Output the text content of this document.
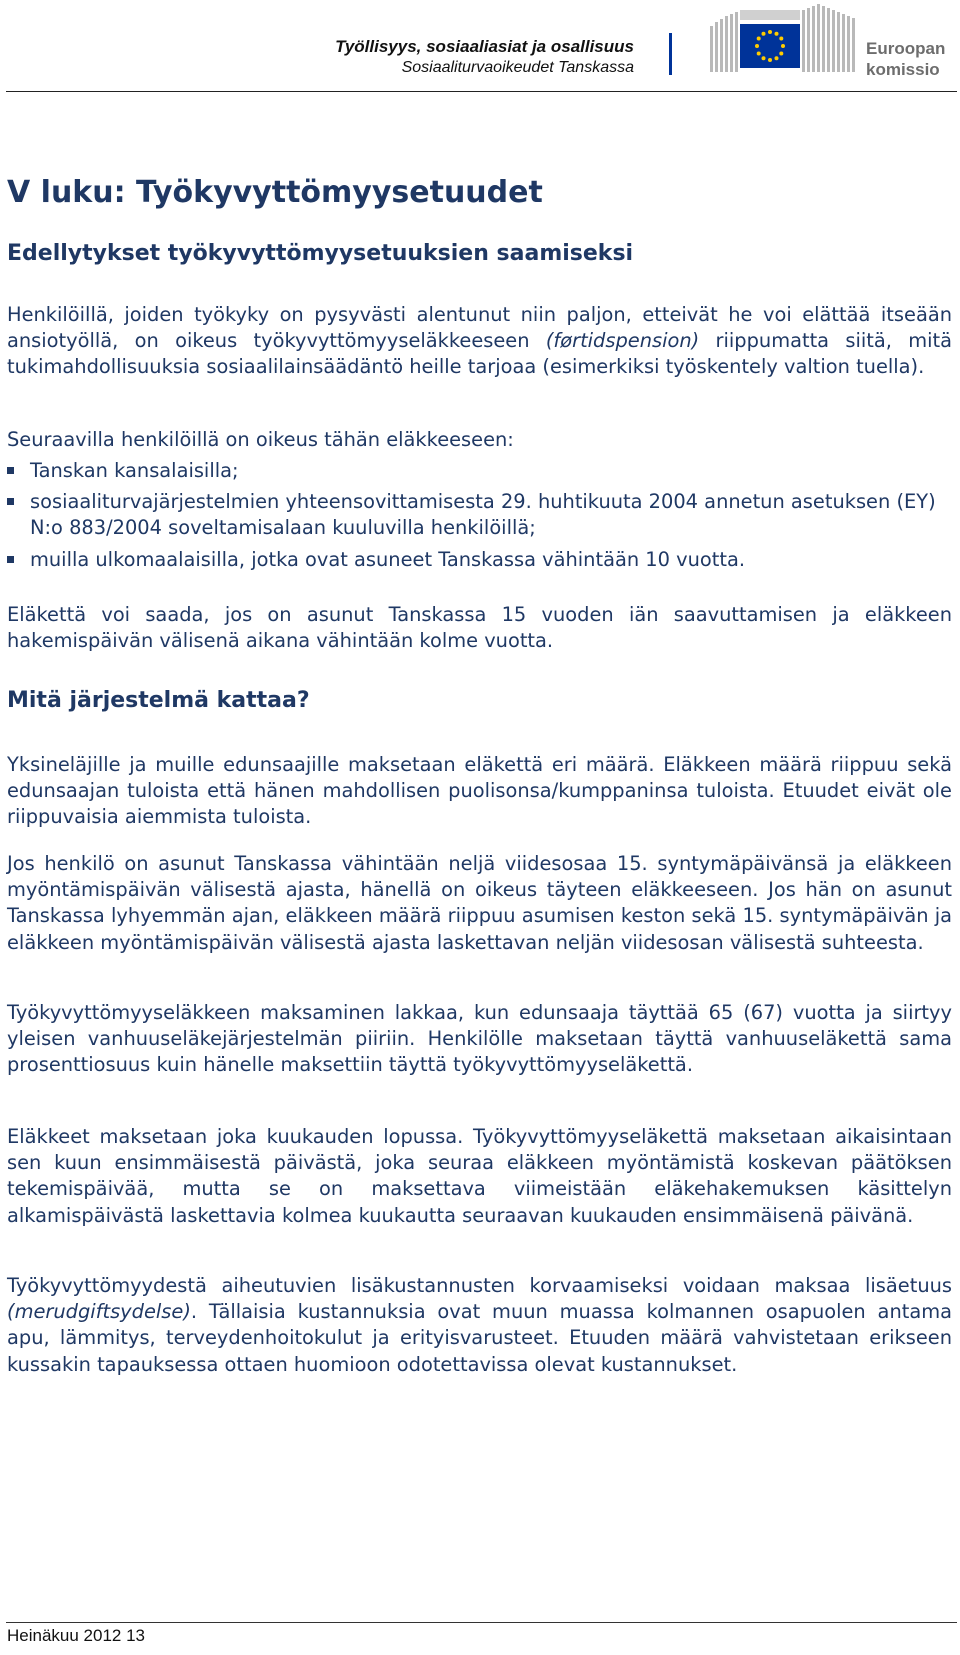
Työllisyys, sosiaaliasiat ja osallisuus
Sosiaaliturvaoikeudet Tanskassa
Euroopan
komissio
V luku: Työkyvyttömyysetuudet
Edellytykset työkyvyttömyysetuuksien saamiseksi

Henkilöillä, joiden työkyky on pysyvästi alentunut niin paljon, etteivät he voi elättää itseään ansiotyöllä, on oikeus työkyvyttömyyseläkkeeseen (førtidspension) riippumatta siitä, mitä tukimahdollisuuksia sosiaalilainsäädäntö heille tarjoaa (esimerkiksi työskentely valtion tuella).

Seuraavilla henkilöillä on oikeus tähän eläkkeeseen:

Tanskan kansalaisilla;
sosiaaliturvajärjestelmien yhteensovittamisesta 29. huhtikuuta 2004 annetun asetuksen (EY) N:o 883/2004 soveltamisalaan kuuluvilla henkilöillä;
muilla ulkomaalaisilla, jotka ovat asuneet Tanskassa vähintään 10 vuotta.

Eläkettä voi saada, jos on asunut Tanskassa 15 vuoden iän saavuttamisen ja eläkkeen hakemispäivän välisenä aikana vähintään kolme vuotta.

Mitä järjestelmä kattaa?

Yksineläjille ja muille edunsaajille maksetaan eläkettä eri määrä. Eläkkeen määrä riippuu sekä edunsaajan tuloista että hänen mahdollisen puolisonsa/kumppaninsa tuloista. Etuudet eivät ole riippuvaisia aiemmista tuloista.

Jos henkilö on asunut Tanskassa vähintään neljä viidesosaa 15. syntymäpäivänsä ja eläkkeen myöntämispäivän välisestä ajasta, hänellä on oikeus täyteen eläkkeeseen. Jos hän on asunut Tanskassa lyhyemmän ajan, eläkkeen määrä riippuu asumisen keston sekä 15. syntymäpäivän ja eläkkeen myöntämispäivän välisestä ajasta laskettavan neljän viidesosan välisestä suhteesta.

Työkyvyttömyyseläkkeen maksaminen lakkaa, kun edunsaaja täyttää 65 (67) vuotta ja siirtyy yleisen vanhuuseläkejärjestelmän piiriin. Henkilölle maksetaan täyttä vanhuuseläkettä sama prosenttiosuus kuin hänelle maksettiin täyttä työkyvyttömyyseläkettä.

Eläkkeet maksetaan joka kuukauden lopussa. Työkyvyttömyyseläkettä maksetaan aikaisintaan sen kuun ensimmäisestä päivästä, joka seuraa eläkkeen myöntämistä koskevan päätöksen tekemispäivää, mutta se on maksettava viimeistään eläkehakemuksen käsittelyn alkamispäivästä laskettavia kolmea kuukautta seuraavan kuukauden ensimmäisenä päivänä.

Työkyvyttömyydestä aiheutuvien lisäkustannusten korvaamiseksi voidaan maksaa lisäetuus (merudgiftsydelse). Tällaisia kustannuksia ovat muun muassa kolmannen osapuolen antama apu, lämmitys, terveydenhoitokulut ja erityisvarusteet. Etuuden määrä vahvistetaan erikseen kussakin tapauksessa ottaen huomioon odotettavissa olevat kustannukset.

Heinäkuu 2012 13
